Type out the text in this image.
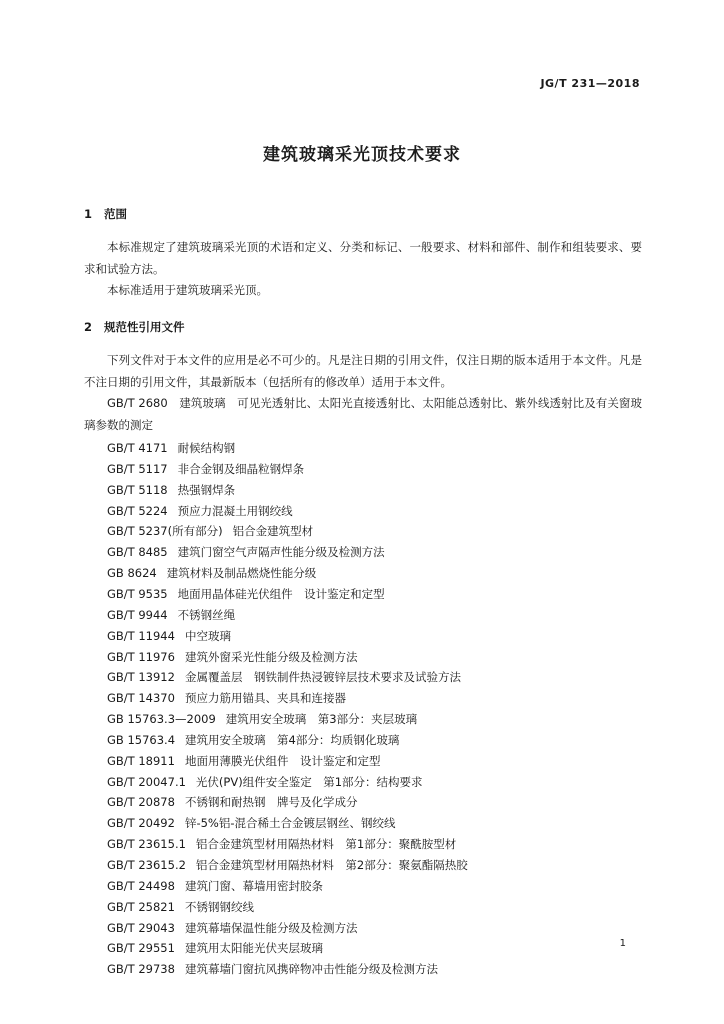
JG/T 231—2018
建筑玻璃采光顶技术要求
1 范围
本标准规定了建筑玻璃采光顶的术语和定义、分类和标记、一般要求、材料和部件、制作和组装要求、要求和试验方法。
本标准适用于建筑玻璃采光顶。
2 规范性引用文件
下列文件对于本文件的应用是必不可少的。凡是注日期的引用文件，仅注日期的版本适用于本文件。凡是不注日期的引用文件，其最新版本（包括所有的修改单）适用于本文件。
GB/T 2680　建筑玻璃　可见光透射比、太阳光直接透射比、太阳能总透射比、紫外线透射比及有关窗玻璃参数的测定
GB/T 4171 耐候结构钢
GB/T 5117 非合金钢及细晶粒钢焊条
GB/T 5118 热强钢焊条
GB/T 5224 预应力混凝土用钢绞线
GB/T 5237(所有部分) 铝合金建筑型材
GB/T 8485 建筑门窗空气声隔声性能分级及检测方法
GB 8624 建筑材料及制品燃烧性能分级
GB/T 9535 地面用晶体硅光伏组件　设计鉴定和定型
GB/T 9944 不锈钢丝绳
GB/T 11944 中空玻璃
GB/T 11976 建筑外窗采光性能分级及检测方法
GB/T 13912 金属覆盖层　钢铁制件热浸镀锌层技术要求及试验方法
GB/T 14370 预应力筋用锚具、夹具和连接器
GB 15763.3—2009 建筑用安全玻璃　第3部分：夹层玻璃
GB 15763.4 建筑用安全玻璃　第4部分：均质钢化玻璃
GB/T 18911 地面用薄膜光伏组件　设计鉴定和定型
GB/T 20047.1 光伏(PV)组件安全鉴定　第1部分：结构要求
GB/T 20878 不锈钢和耐热钢　牌号及化学成分
GB/T 20492 锌-5%铝-混合稀土合金镀层钢丝、钢绞线
GB/T 23615.1 铝合金建筑型材用隔热材料　第1部分：聚酰胺型材
GB/T 23615.2 铝合金建筑型材用隔热材料　第2部分：聚氨酯隔热胶
GB/T 24498 建筑门窗、幕墙用密封胶条
GB/T 25821 不锈钢钢绞线
GB/T 29043 建筑幕墙保温性能分级及检测方法
GB/T 29551 建筑用太阳能光伏夹层玻璃
GB/T 29738 建筑幕墙门窗抗风携碎物冲击性能分级及检测方法
1
